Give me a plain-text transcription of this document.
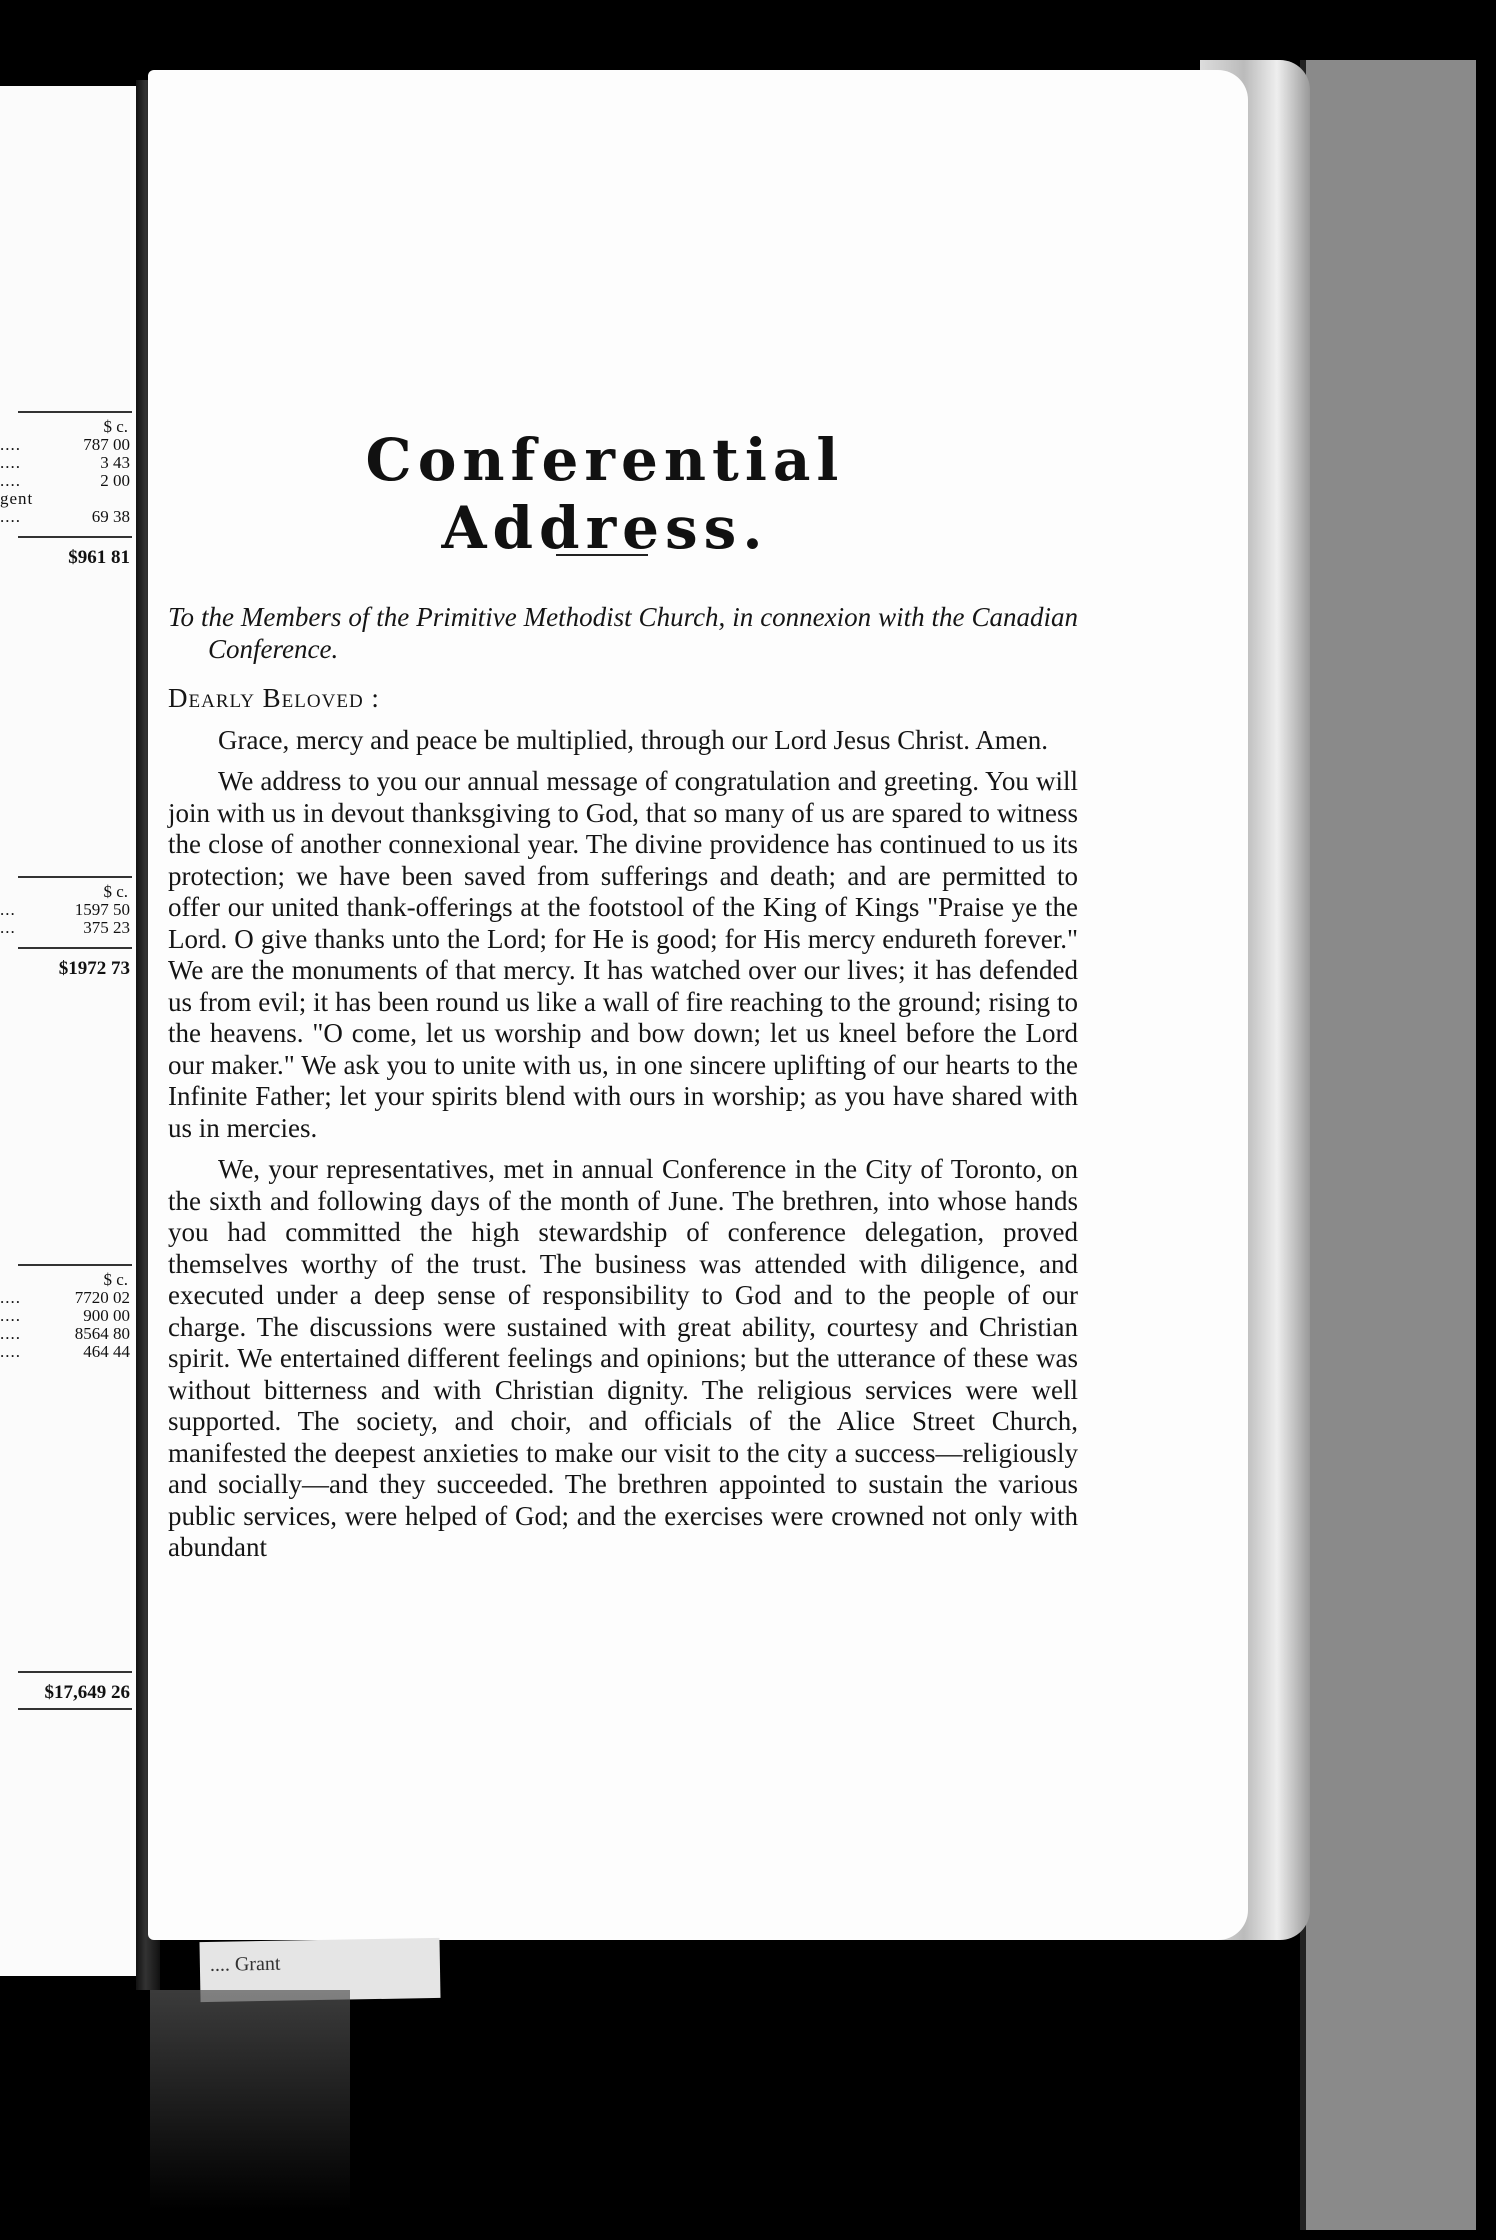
$ c.
....	787 00
....	3 43
....	2 00
gent
....	69 38
$961 81
$ c.
...	1597 50
...	375 23
$1972 73
$ c.
....	7720 02
....	900 00
....	8564 80
....	464 44
$17,649 26
Conferential Address.

To the Members of the Primitive Methodist Church, in connexion with the Canadian Conference.

Dearly Beloved :

Grace, mercy and peace be multiplied, through our Lord Jesus Christ. Amen.

We address to you our annual message of congratulation and greeting. You will join with us in devout thanksgiving to God, that so many of us are spared to witness the close of another connexional year. The divine providence has continued to us its protection; we have been saved from sufferings and death; and are permitted to offer our united thank-offerings at the footstool of the King of Kings "Praise ye the Lord. O give thanks unto the Lord; for He is good; for His mercy endureth forever." We are the monuments of that mercy. It has watched over our lives; it has defended us from evil; it has been round us like a wall of fire reaching to the ground; rising to the heavens. "O come, let us worship and bow down; let us kneel before the Lord our maker." We ask you to unite with us, in one sincere uplifting of our hearts to the Infinite Father; let your spirits blend with ours in worship; as you have shared with us in mercies.

We, your representatives, met in annual Conference in the City of Toronto, on the sixth and following days of the month of June. The brethren, into whose hands you had committed the high stewardship of conference delegation, proved themselves worthy of the trust. The business was attended with diligence, and executed under a deep sense of responsibility to God and to the people of our charge. The discussions were sustained with great ability, courtesy and Christian spirit. We entertained different feelings and opinions; but the utterance of these was without bitterness and with Christian dignity. The religious services were well supported. The society, and choir, and officials of the Alice Street Church, manifested the deepest anxieties to make our visit to the city a success—religiously and socially—and they succeeded. The brethren appointed to sustain the various public services, were helped of God; and the exercises were crowned not only with abundant

.... Grant
